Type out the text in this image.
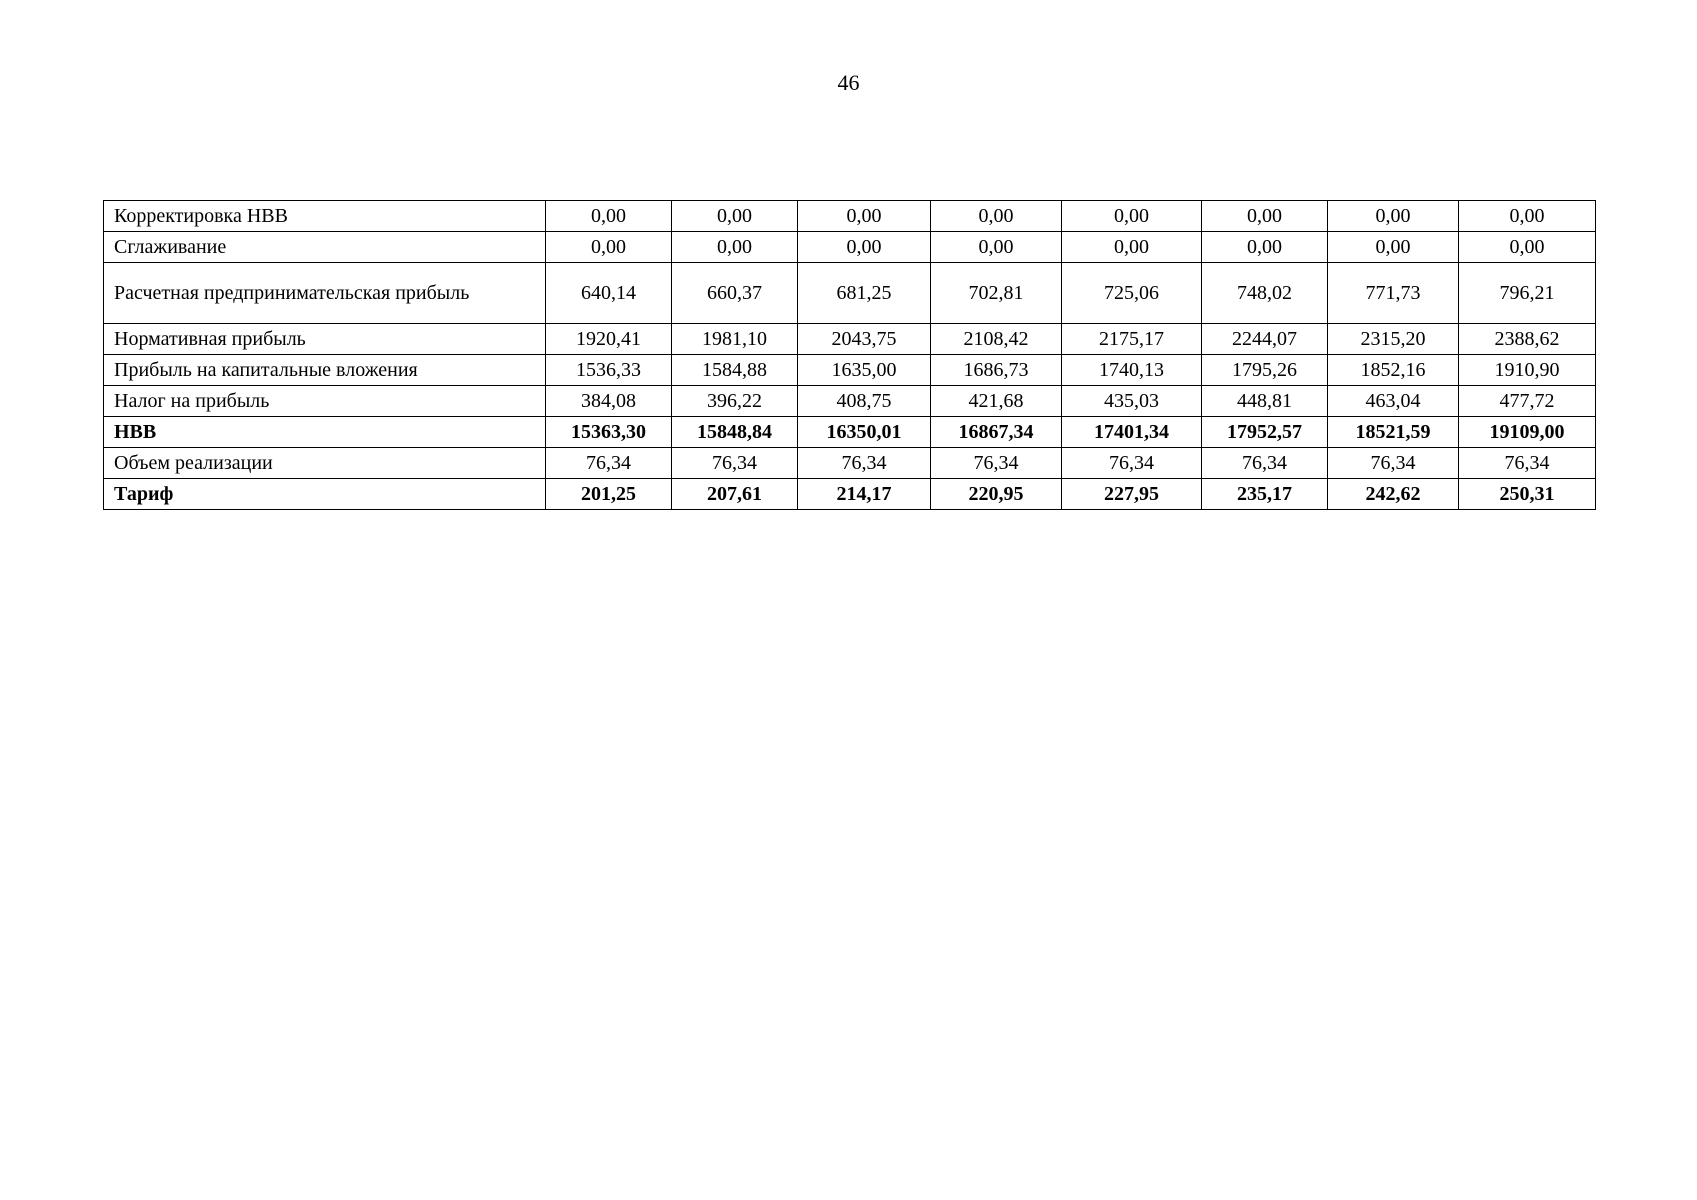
46
Корректировка НВВ	0,00	0,00	0,00	0,00	0,00	0,00	0,00	0,00
Сглаживание	0,00	0,00	0,00	0,00	0,00	0,00	0,00	0,00
Расчетная предпринимательская прибыль	640,14	660,37	681,25	702,81	725,06	748,02	771,73	796,21
Нормативная прибыль	1920,41	1981,10	2043,75	2108,42	2175,17	2244,07	2315,20	2388,62
Прибыль на капитальные вложения	1536,33	1584,88	1635,00	1686,73	1740,13	1795,26	1852,16	1910,90
Налог на прибыль	384,08	396,22	408,75	421,68	435,03	448,81	463,04	477,72
НВВ	15363,30	15848,84	16350,01	16867,34	17401,34	17952,57	18521,59	19109,00
Объем реализации	76,34	76,34	76,34	76,34	76,34	76,34	76,34	76,34
Тариф	201,25	207,61	214,17	220,95	227,95	235,17	242,62	250,31
